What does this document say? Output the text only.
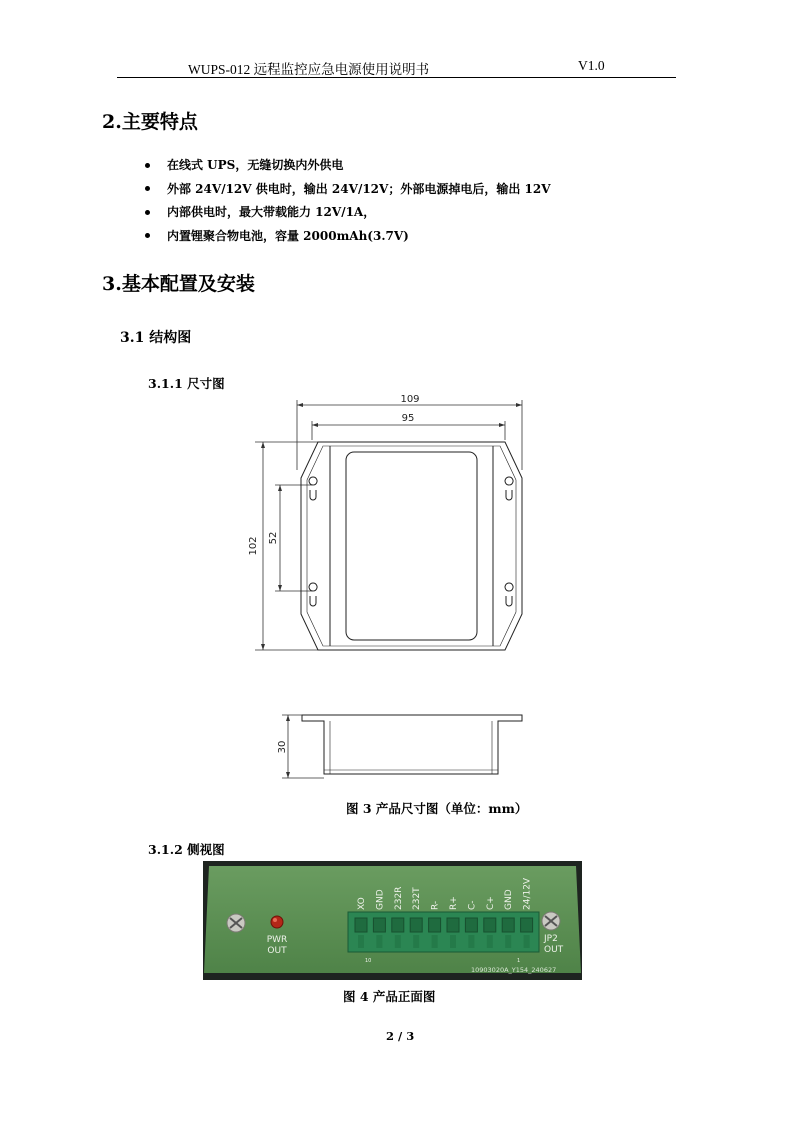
WUPS-012 远程监控应急电源使用说明书	V1.0
2.主要特点
在线式 UPS，无缝切换内外供电
外部 24V/12V 供电时，输出 24V/12V；外部电源掉电后，输出 12V
内部供电时，最大带载能力 12V/1A，
内置锂聚合物电池，容量 2000mAh(3.7V)
3.基本配置及安装
3.1 结构图
3.1.1 尺寸图
109
95
102 52
30
图 3 产品尺寸图（单位：mm）
3.1.2 侧视图
PWR
OUT
XO GND 232R 232T R- R+ C- C+ GND 24/12V
JP2
OUT
10	1
10903020A_Y154_240627
图 4 产品正面图
2 / 3
